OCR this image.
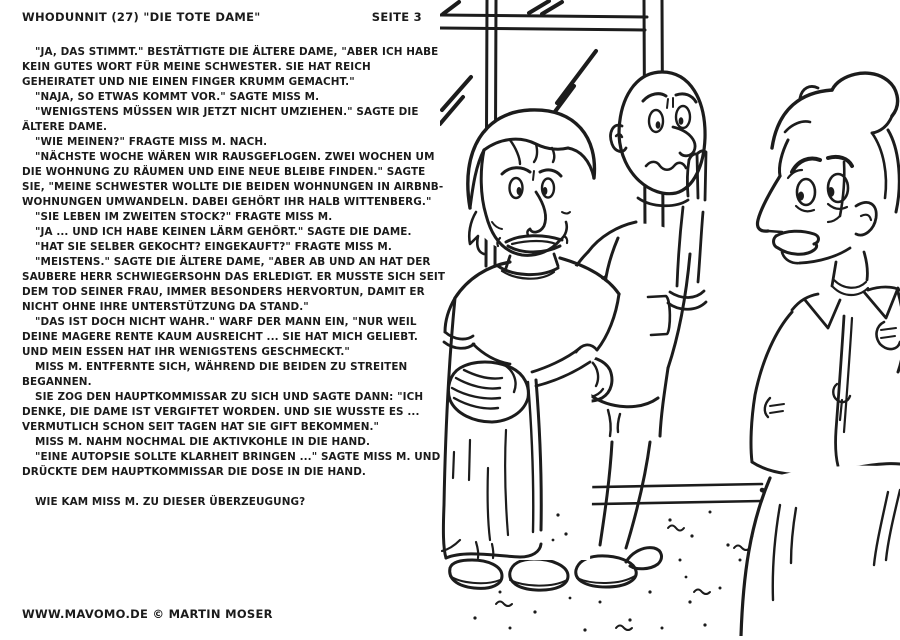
WHODUNNIT (27) "DIE TOTE DAME"	SEITE 3

"JA, DAS STIMMT." BESTÄTTIGTE DIE ÄLTERE DAME, "ABER ICH HABE KEIN GUTES WORT FÜR MEINE SCHWESTER. SIE HAT REICH GEHEIRATET UND NIE EINEN FINGER KRUMM GEMACHT."

"NAJA, SO ETWAS KOMMT VOR." SAGTE MISS M.

"WENIGSTENS MÜSSEN WIR JETZT NICHT UMZIEHEN." SAGTE DIE ÄLTERE DAME.

"WIE MEINEN?" FRAGTE MISS M. NACH.

"NÄCHSTE WOCHE WÄREN WIR RAUSGEFLOGEN. ZWEI WOCHEN UM DIE WOHNUNG ZU RÄUMEN UND EINE NEUE BLEIBE FINDEN." SAGTE SIE, "MEINE SCHWESTER WOLLTE DIE BEIDEN WOHNUNGEN IN AIRBNB-WOHNUNGEN UMWANDELN. DABEI GEHÖRT IHR HALB WITTENBERG."

"SIE LEBEN IM ZWEITEN STOCK?" FRAGTE MISS M.

"JA ... UND ICH HABE KEINEN LÄRM GEHÖRT." SAGTE DIE DAME.

"HAT SIE SELBER GEKOCHT? EINGEKAUFT?" FRAGTE MISS M.

"MEISTENS." SAGTE DIE ÄLTERE DAME, "ABER AB UND AN HAT DER SAUBERE HERR SCHWIEGERSOHN DAS ERLEDIGT. ER MUSSTE SICH SEIT DEM TOD SEINER FRAU, IMMER BESONDERS HERVORTUN, DAMIT ER NICHT OHNE IHRE UNTERSTÜTZUNG DA STAND."

"DAS IST DOCH NICHT WAHR." WARF DER MANN EIN, "NUR WEIL DEINE MAGERE RENTE KAUM AUSREICHT ... SIE HAT MICH GELIEBT. UND MEIN ESSEN HAT IHR WENIGSTENS GESCHMECKT."

MISS M. ENTFERNTE SICH, WÄHREND DIE BEIDEN ZU STREITEN BEGANNEN.

SIE ZOG DEN HAUPTKOMMISSAR ZU SICH UND SAGTE DANN: "ICH DENKE, DIE DAME IST VERGIFTET WORDEN. UND SIE WUSSTE ES ... VERMUTLICH SCHON SEIT TAGEN HAT SIE GIFT BEKOMMEN."

MISS M. NAHM NOCHMAL DIE AKTIVKOHLE IN DIE HAND.

"EINE AUTOPSIE SOLLTE KLARHEIT BRINGEN ..." SAGTE MISS M. UND DRÜCKTE DEM HAUPTKOMMISSAR DIE DOSE IN DIE HAND.

WIE KAM MISS M. ZU DIESER ÜBERZEUGUNG?

WWW.MAVOMO.DE © MARTIN MOSER
